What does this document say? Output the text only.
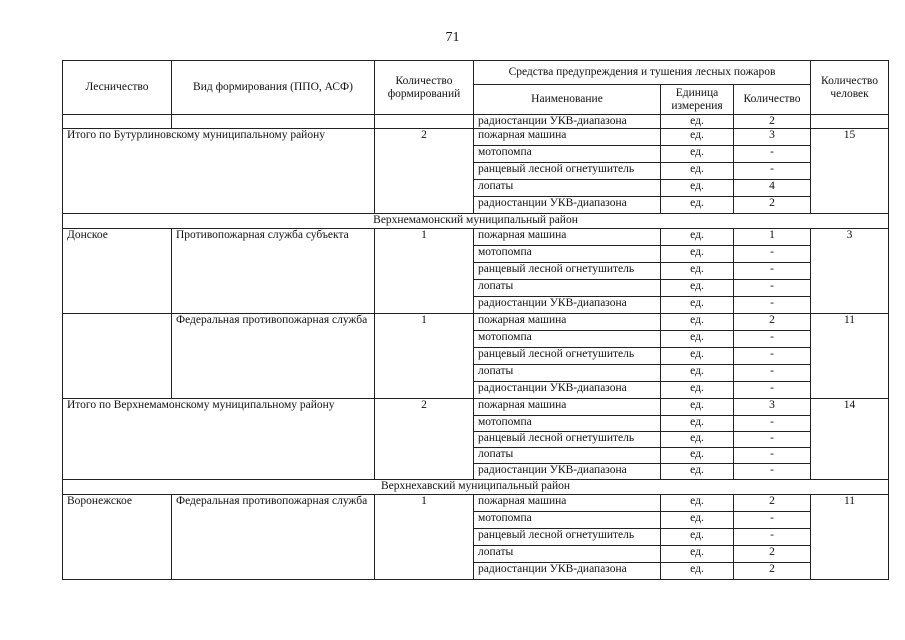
71
Лесничество	Вид формирования (ППО, АСФ)	Количество формирований	Средства предупреждения и тушения лесных пожаров			Количество человек
			Наименование	Единица измерения	Количество	
			радиостанции УКВ-диапазона	ед.	2	
Итого по Бутурлиновскому муниципальному району		2	пожарная машина	ед.	3	15
			мотопомпа	ед.	-	
			ранцевый лесной огнетушитель	ед.	-	
			лопаты	ед.	4	
			радиостанции УКВ-диапазона	ед.	2	
Верхнемамонский муниципальный район						
Донское	Противопожарная служба субъекта	1	пожарная машина	ед.	1	3
			мотопомпа	ед.	-	
			ранцевый лесной огнетушитель	ед.	-	
			лопаты	ед.	-	
			радиостанции УКВ-диапазона	ед.	-	
	Федеральная противопожарная служба	1	пожарная машина	ед.	2	11
			мотопомпа	ед.	-	
			ранцевый лесной огнетушитель	ед.	-	
			лопаты	ед.	-	
			радиостанции УКВ-диапазона	ед.	-	
Итого по Верхнемамонскому муниципальному району		2	пожарная машина	ед.	3	14
			мотопомпа	ед.	-	
			ранцевый лесной огнетушитель	ед.	-	
			лопаты	ед.	-	
			радиостанции УКВ-диапазона	ед.	-	
Верхнехавский муниципальный район						
Воронежское	Федеральная противопожарная служба	1	пожарная машина	ед.	2	11
			мотопомпа	ед.	-	
			ранцевый лесной огнетушитель	ед.	-	
			лопаты	ед.	2	
			радиостанции УКВ-диапазона	ед.	2	
